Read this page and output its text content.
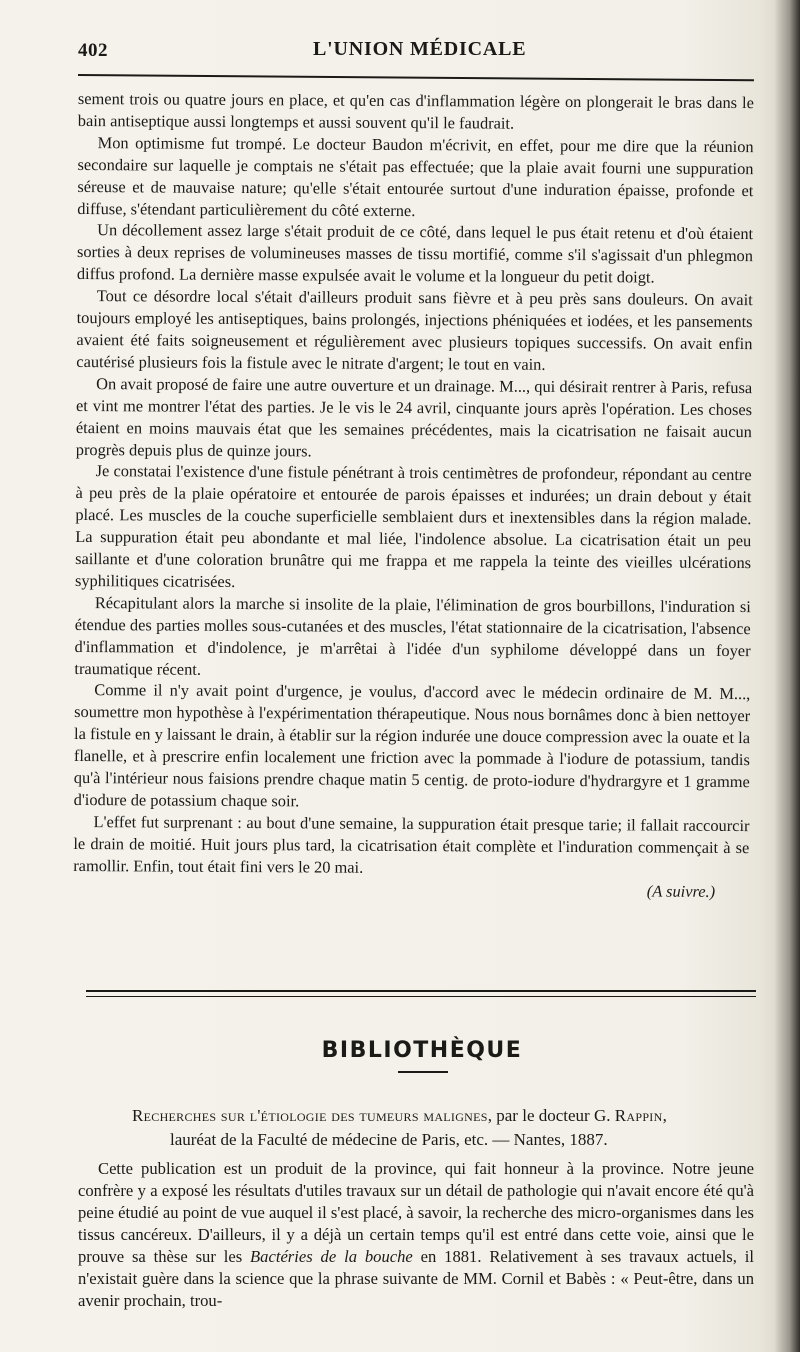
402	L'UNION MÉDICALE

sement trois ou quatre jours en place, et qu'en cas d'inflammation légère on plongerait le bras dans le bain antiseptique aussi longtemps et aussi souvent qu'il le faudrait.

Mon optimisme fut trompé. Le docteur Baudon m'écrivit, en effet, pour me dire que la réunion secondaire sur laquelle je comptais ne s'était pas effectuée; que la plaie avait fourni une suppuration séreuse et de mauvaise nature; qu'elle s'était entourée surtout d'une induration épaisse, profonde et diffuse, s'étendant particulièrement du côté externe.

Un décollement assez large s'était produit de ce côté, dans lequel le pus était retenu et d'où étaient sorties à deux reprises de volumineuses masses de tissu mortifié, comme s'il s'agissait d'un phlegmon diffus profond. La dernière masse expulsée avait le volume et la longueur du petit doigt.

Tout ce désordre local s'était d'ailleurs produit sans fièvre et à peu près sans douleurs. On avait toujours employé les antiseptiques, bains prolongés, injections phéniquées et iodées, et les pansements avaient été faits soigneusement et régulièrement avec plusieurs topiques successifs. On avait enfin cautérisé plusieurs fois la fistule avec le nitrate d'argent; le tout en vain.

On avait proposé de faire une autre ouverture et un drainage. M..., qui désirait rentrer à Paris, refusa et vint me montrer l'état des parties. Je le vis le 24 avril, cinquante jours après l'opération. Les choses étaient en moins mauvais état que les semaines précédentes, mais la cicatrisation ne faisait aucun progrès depuis plus de quinze jours.

Je constatai l'existence d'une fistule pénétrant à trois centimètres de profondeur, répondant au centre à peu près de la plaie opératoire et entourée de parois épaisses et indurées; un drain debout y était placé. Les muscles de la couche superficielle semblaient durs et inextensibles dans la région malade. La suppuration était peu abondante et mal liée, l'indolence absolue. La cicatrisation était un peu saillante et d'une coloration brunâtre qui me frappa et me rappela la teinte des vieilles ulcérations syphilitiques cicatrisées.

Récapitulant alors la marche si insolite de la plaie, l'élimination de gros bourbillons, l'induration si étendue des parties molles sous-cutanées et des muscles, l'état stationnaire de la cicatrisation, l'absence d'inflammation et d'indolence, je m'arrêtai à l'idée d'un syphilome développé dans un foyer traumatique récent.

Comme il n'y avait point d'urgence, je voulus, d'accord avec le médecin ordinaire de M. M..., soumettre mon hypothèse à l'expérimentation thérapeutique. Nous nous bornâmes donc à bien nettoyer la fistule en y laissant le drain, à établir sur la région indurée une douce compression avec la ouate et la flanelle, et à prescrire enfin localement une friction avec la pommade à l'iodure de potassium, tandis qu'à l'intérieur nous faisions prendre chaque matin 5 centig. de proto-iodure d'hydrargyre et 1 gramme d'iodure de potassium chaque soir.

L'effet fut surprenant : au bout d'une semaine, la suppuration était presque tarie; il fallait raccourcir le drain de moitié. Huit jours plus tard, la cicatrisation était complète et l'induration commençait à se ramollir. Enfin, tout était fini vers le 20 mai.

(A suivre.)

BIBLIOTHÈQUE
Recherches sur l'étiologie des tumeurs malignes, par le docteur G. Rappin,
lauréat de la Faculté de médecine de Paris, etc. — Nantes, 1887.

Cette publication est un produit de la province, qui fait honneur à la province. Notre jeune confrère y a exposé les résultats d'utiles travaux sur un détail de pathologie qui n'avait encore été qu'à peine étudié au point de vue auquel il s'est placé, à savoir, la recherche des micro-organismes dans les tissus cancéreux. D'ailleurs, il y a déjà un certain temps qu'il est entré dans cette voie, ainsi que le prouve sa thèse sur les Bactéries de la bouche en 1881. Relativement à ses travaux actuels, il n'existait guère dans la science que la phrase suivante de MM. Cornil et Babès : « Peut-être, dans un avenir prochain, trou-
